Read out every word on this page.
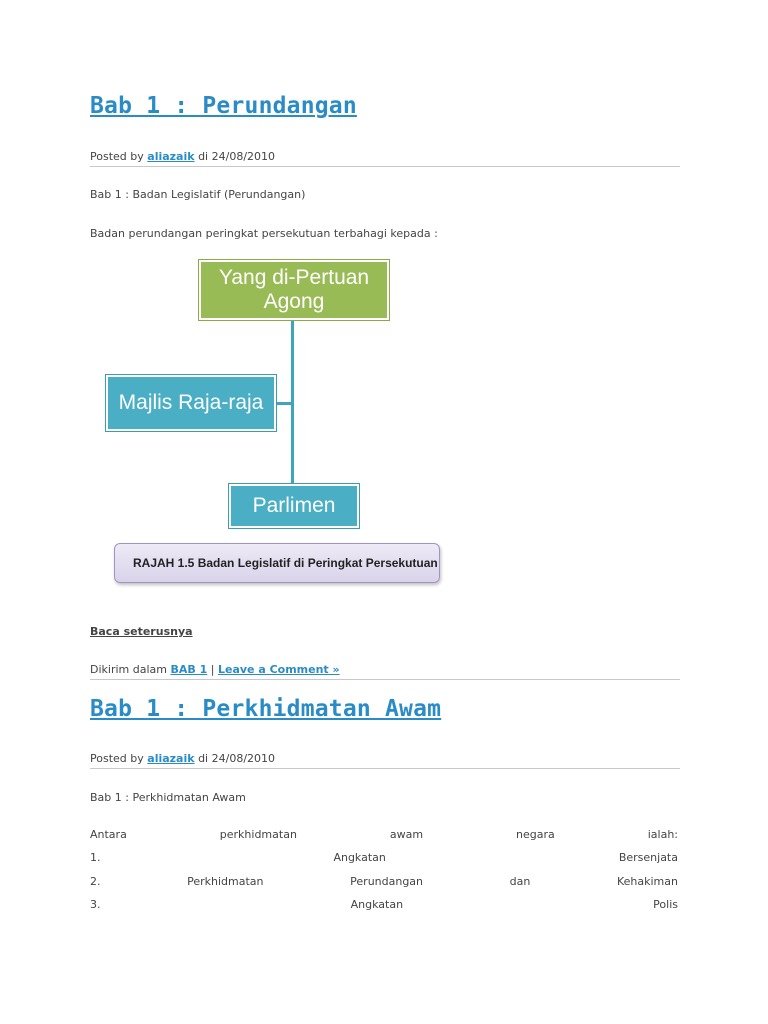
Bab 1 : Perundangan
Posted by aliazaik di 24/08/2010
Bab 1 : Badan Legislatif (Perundangan)
Badan perundangan peringkat persekutuan terbahagi kepada :
Yang di-Pertuan Agong
Majlis Raja-raja
Parlimen
RAJAH 1.5 Badan Legislatif di Peringkat Persekutuan
Baca seterusnya
Dikirim dalam BAB 1 | Leave a Comment »
Bab 1 : Perkhidmatan Awam
Posted by aliazaik di 24/08/2010
Bab 1 : Perkhidmatan Awam
Antara	perkhidmatan	awam	negara	ialah:
1.	Angkatan	Bersenjata
2.	Perkhidmatan	Perundangan	dan	Kehakiman
3.	Angkatan	Polis
